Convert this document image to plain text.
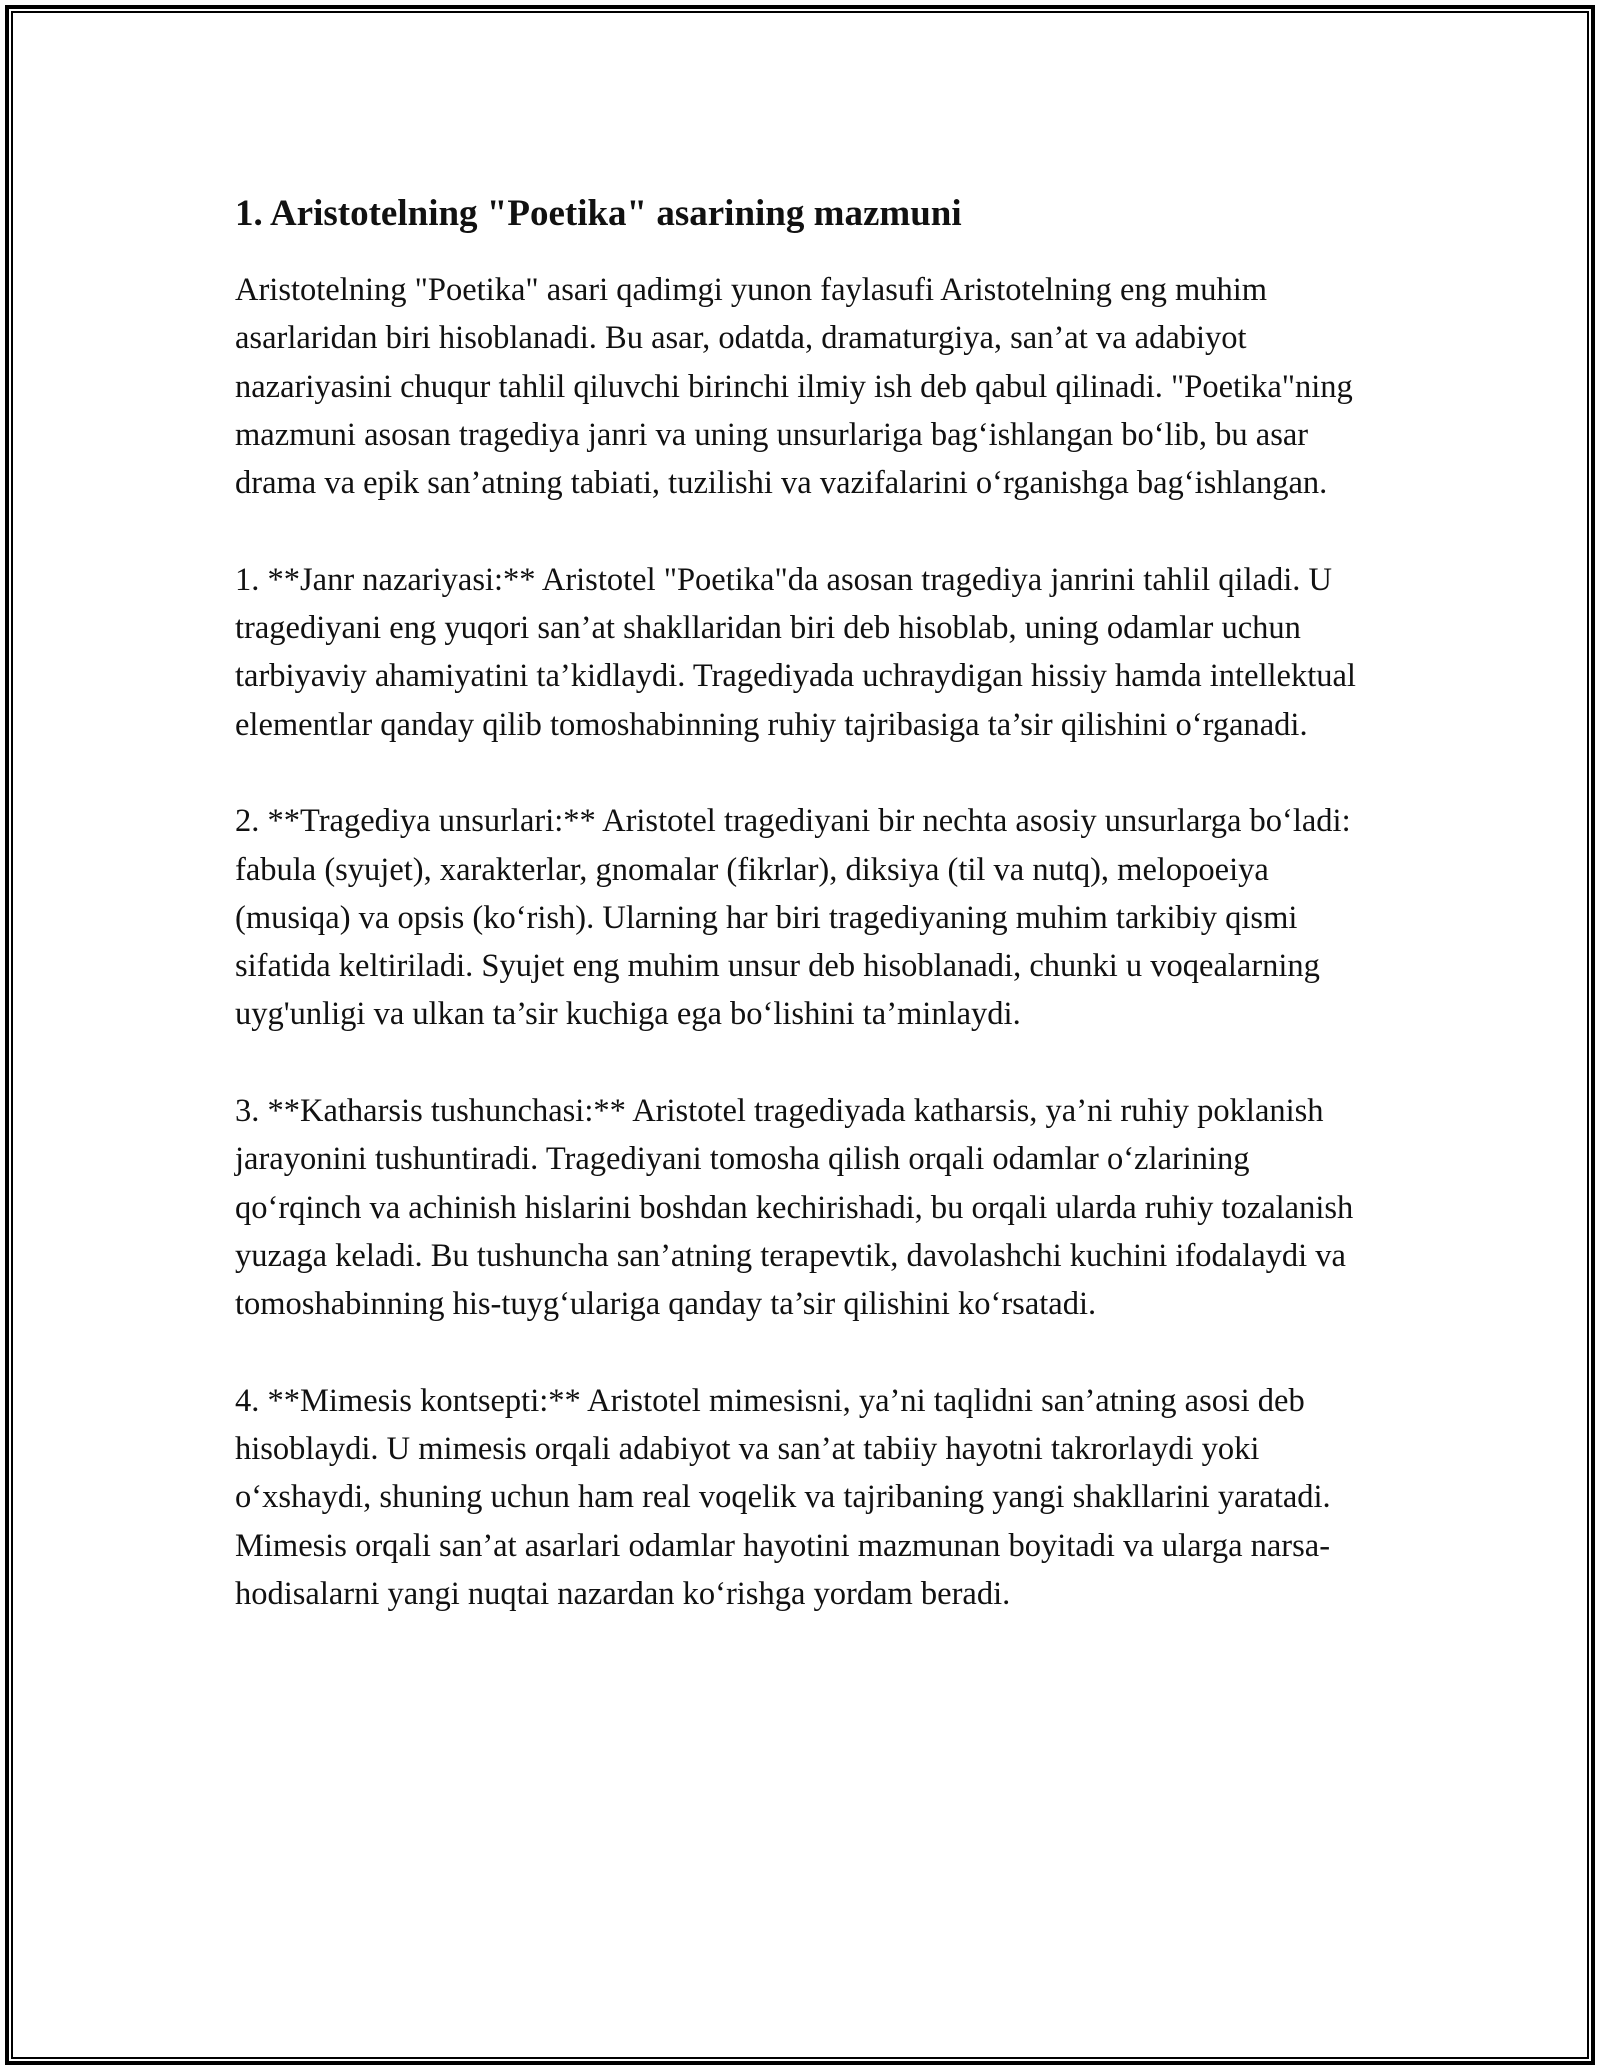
1. Aristotelning "Poetika" asarining mazmuni

Aristotelning "Poetika" asari qadimgi yunon faylasufi Aristotelning eng muhim asarlaridan biri hisoblanadi. Bu asar, odatda, dramaturgiya, san’at va adabiyot nazariyasini chuqur tahlil qiluvchi birinchi ilmiy ish deb qabul qilinadi. "Poetika"ning mazmuni asosan tragediya janri va uning unsurlariga bag‘ishlangan bo‘lib, bu asar drama va epik san’atning tabiati, tuzilishi va vazifalarini o‘rganishga bag‘ishlangan.

1. **Janr nazariyasi:** Aristotel "Poetika"da asosan tragediya janrini tahlil qiladi. U tragediyani eng yuqori san’at shakllaridan biri deb hisoblab, uning odamlar uchun tarbiyaviy ahamiyatini ta’kidlaydi. Tragediyada uchraydigan hissiy hamda intellektual elementlar qanday qilib tomoshabinning ruhiy tajribasiga ta’sir qilishini o‘rganadi.

2. **Tragediya unsurlari:** Aristotel tragediyani bir nechta asosiy unsurlarga bo‘ladi: fabula (syujet), xarakterlar, gnomalar (fikrlar), diksiya (til va nutq), melopoeiya (musiqa) va opsis (ko‘rish). Ularning har biri tragediyaning muhim tarkibiy qismi sifatida keltiriladi. Syujet eng muhim unsur deb hisoblanadi, chunki u voqealarning uyg'unligi va ulkan ta’sir kuchiga ega bo‘lishini ta’minlaydi.

3. **Katharsis tushunchasi:** Aristotel tragediyada katharsis, ya’ni ruhiy poklanish jarayonini tushuntiradi. Tragediyani tomosha qilish orqali odamlar o‘zlarining qo‘rqinch va achinish hislarini boshdan kechirishadi, bu orqali ularda ruhiy tozalanish yuzaga keladi. Bu tushuncha san’atning terapevtik, davolashchi kuchini ifodalaydi va tomoshabinning his-tuyg‘ulariga qanday ta’sir qilishini ko‘rsatadi.

4. **Mimesis kontsepti:** Aristotel mimesisni, ya’ni taqlidni san’atning asosi deb hisoblaydi. U mimesis orqali adabiyot va san’at tabiiy hayotni takrorlaydi yoki o‘xshaydi, shuning uchun ham real voqelik va tajribaning yangi shakllarini yaratadi. Mimesis orqali san’at asarlari odamlar hayotini mazmunan boyitadi va ularga narsa-hodisalarni yangi nuqtai nazardan ko‘rishga yordam beradi.
